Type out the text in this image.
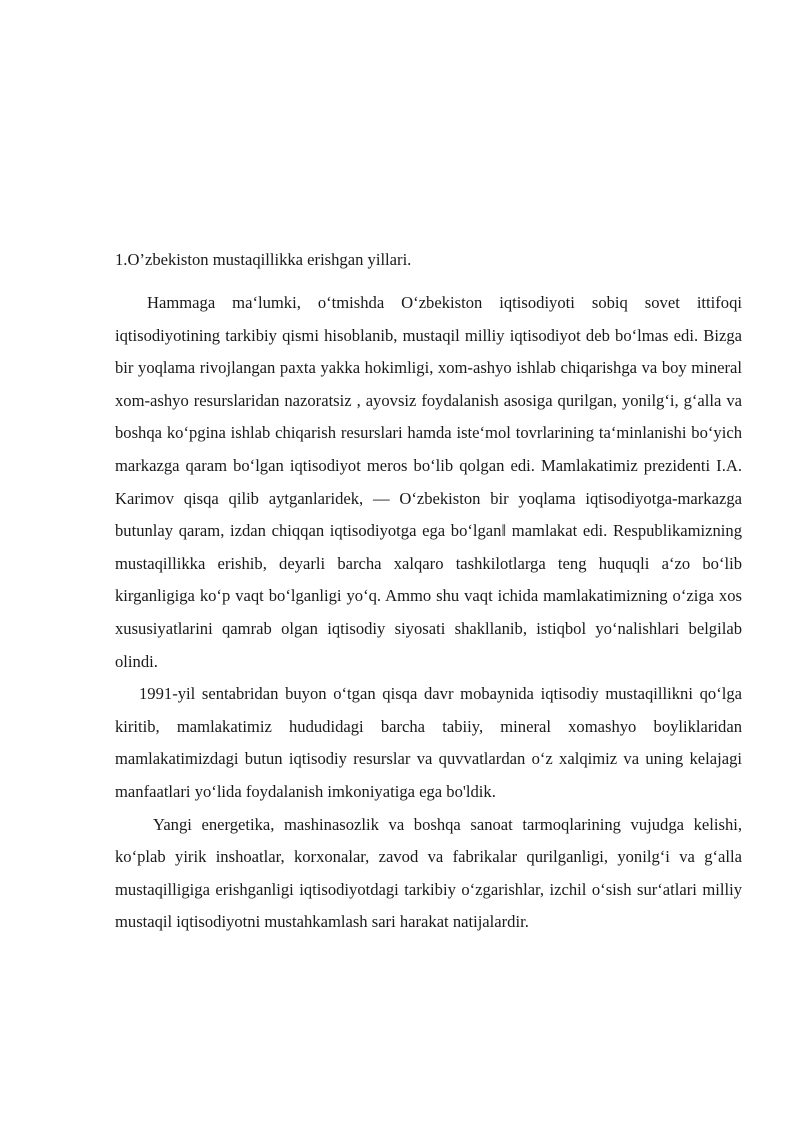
1.O’zbekiston mustaqillikka erishgan yillari.

Hammaga maʻlumki, oʻtmishda Oʻzbekiston iqtisodiyoti sobiq sovet ittifoqi iqtisodiyotining tarkibiy qismi hisoblanib, mustaqil milliy iqtisodiyot deb boʻlmas edi. Bizga bir yoqlama rivojlangan paxta yakka hokimligi, xom-ashyo ishlab chiqarishga va boy mineral xom-ashyo resurslaridan nazoratsiz , ayovsiz foydalanish asosiga qurilgan, yonilgʻi, gʻalla va boshqa koʻpgina ishlab chiqarish resurslari hamda isteʻmol tovrlarining taʻminlanishi boʻyich markazga qaram boʻlgan iqtisodiyot meros boʻlib qolgan edi. Mamlakatimiz prezidenti I.A. Karimov qisqa qilib aytganlaridek, — Oʻzbekiston bir yoqlama iqtisodiyotga-markazga butunlay qaram, izdan chiqqan iqtisodiyotga ega boʻlganǁ mamlakat edi. Respublikamizning mustaqillikka erishib, deyarli barcha xalqaro tashkilotlarga teng huquqli aʻzo boʻlib kirganligiga koʻp vaqt boʻlganligi yoʻq. Ammo shu vaqt ichida mamlakatimizning oʻziga xos xususiyatlarini qamrab olgan iqtisodiy siyosati shakllanib, istiqbol yoʻnalishlari belgilab olindi.

1991-yil sentabridan buyon oʻtgan qisqa davr mobaynida iqtisodiy mustaqillikni qoʻlga kiritib, mamlakatimiz hududidagi barcha tabiiy, mineral xomashyo boyliklaridan mamlakatimizdagi butun iqtisodiy resurslar va quvvatlardan oʻz xalqimiz va uning kelajagi manfaatlari yoʻlida foydalanish imkoniyatiga ega bo'ldik.

Yangi energetika, mashinasozlik va boshqa sanoat tarmoqlarining vujudga kelishi, koʻplab yirik inshoatlar, korxonalar, zavod va fabrikalar qurilganligi, yonilgʻi va gʻalla mustaqilligiga erishganligi iqtisodiyotdagi tarkibiy oʻzgarishlar, izchil oʻsish surʻatlari milliy mustaqil iqtisodiyotni mustahkamlash sari harakat natijalardir.
